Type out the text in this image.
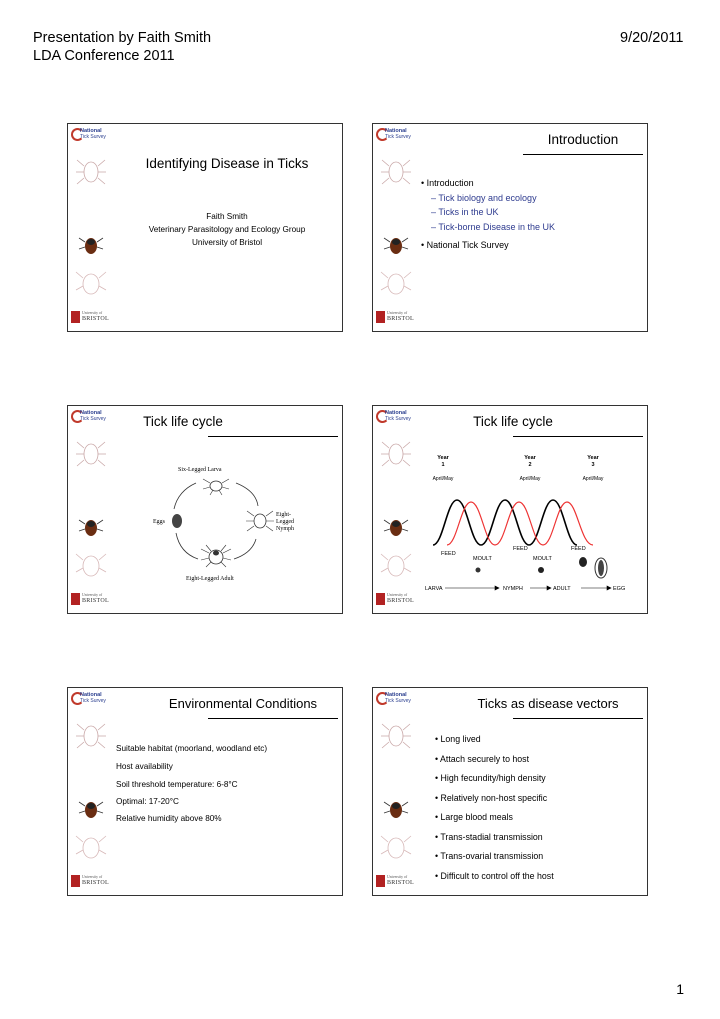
Presentation by Faith Smith
LDA Conference 2011
9/20/2011
National
Tick Survey
University of
BRISTOL
Identifying Disease in Ticks
Faith Smith
Veterinary Parasitology and Ecology Group
University of Bristol
National
Tick Survey
University of
BRISTOL
Introduction
• Introduction
– Tick biology and ecology
– Ticks in the UK
– Tick-borne Disease in the UK
• National Tick Survey
National
Tick Survey
University of
BRISTOL
Tick life cycle
Six-Legged Larva
Eight-
Legged
Nymph
Eggs
Eight-Legged Adult
National
Tick Survey
University of
BRISTOL
Tick life cycle
Year
1
Year
2
Year
3
April/May	April/May	April/May
FEED
FEED	FEED
MOULT	MOULT
LARVA	NYMPH	ADULT	EGG
National
Tick Survey
University of
BRISTOL
Environmental Conditions
Suitable habitat (moorland, woodland etc)
Host availability
Soil threshold temperature: 6-8°C
Optimal: 17-20°C
Relative humidity above 80%
National
Tick Survey
University of
BRISTOL
Ticks as disease vectors
• Long lived
• Attach securely to host
• High fecundity/high density
• Relatively non-host specific
• Large blood meals
• Trans-stadial transmission
• Trans-ovarial transmission
• Difficult to control off the host
1
